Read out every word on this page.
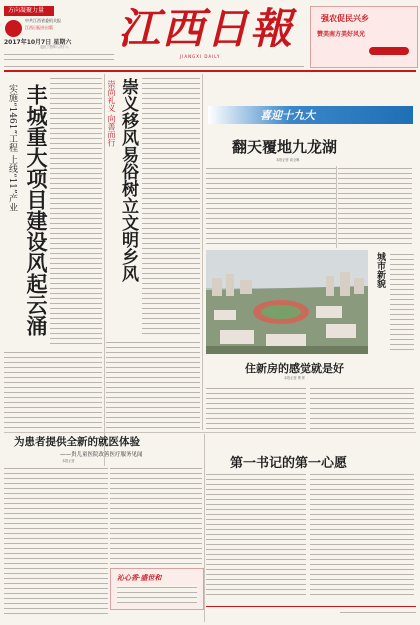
方向凝聚力量
中共江西省委机关报
江西日报社出版
2017年10月7日 星期六
农历丁酉年八月十八	江西日報
JIANGXI DAILY
强农促民兴乡
赞美南方美好风光
丰城重大项目建设风起云涌
实施“1461”工程 上线“11”产业	崇义移风易俗树立文明乡风
崇尚礼义 向善而行	喜迎十九大
翻天覆地九龙湖
本报记者 周全琳
城市新貌
住新房的感觉就是好
本报记者 曹 彬
为患者提供全新的就医体验
——贵儿童医院改善医疗服务见闻
本报记者	第一书记的第一心愿
沁心香·盛世和
